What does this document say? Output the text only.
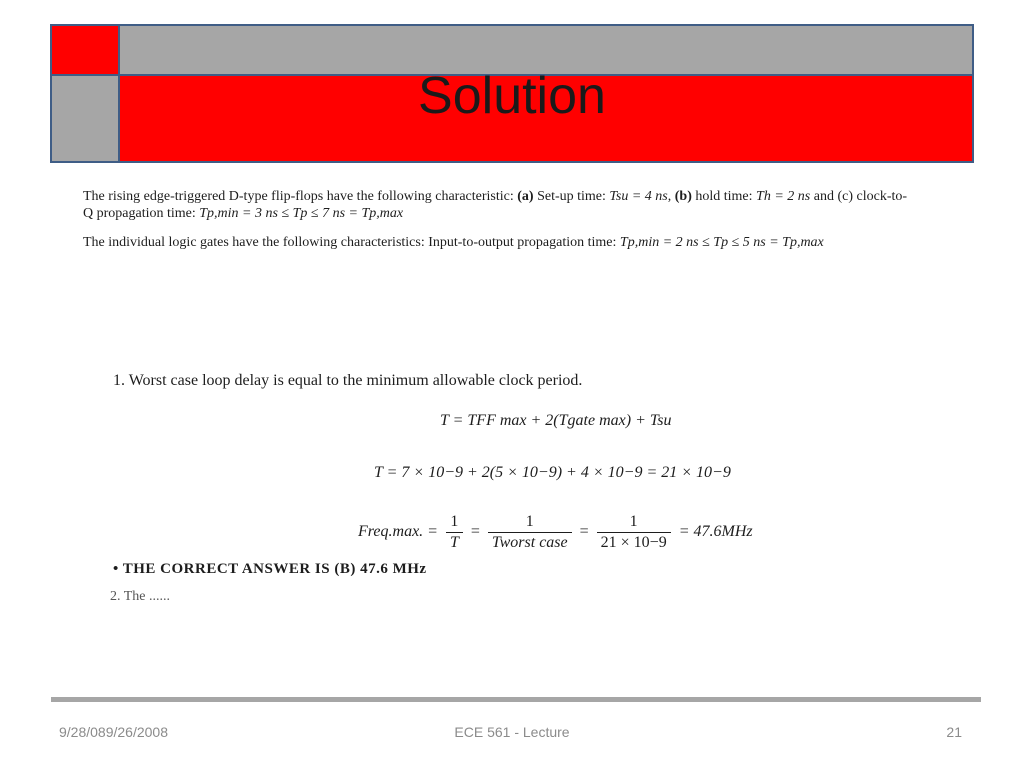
Solution
The rising edge-triggered D-type flip-flops have the following characteristic: (a) Set-up time: Tsu = 4 ns, (b) hold time: Th = 2 ns and (c) clock-to-Q propagation time: Tp,min = 3 ns ≤ Tp ≤ 7 ns = Tp,max
The individual logic gates have the following characteristics: Input-to-output propagation time: Tp,min = 2 ns ≤ Tp ≤ 5 ns = Tp,max
1. Worst case loop delay is equal to the minimum allowable clock period.
T = TFF max + 2(Tgate max) + Tsu
T = 7 × 10−9 + 2(5 × 10−9) + 4 × 10−9 = 21 × 10−9
Freq.max. = $\frac{1}{T} = \frac{1}{\text{Tworst case}} = \frac{1}{21 \times 10-9} = 47.6MHz$
• THE CORRECT ANSWER IS (B) 47.6 MHz
2. The ......
9/28/089/26/2008	ECE 561 - Lecture	21
